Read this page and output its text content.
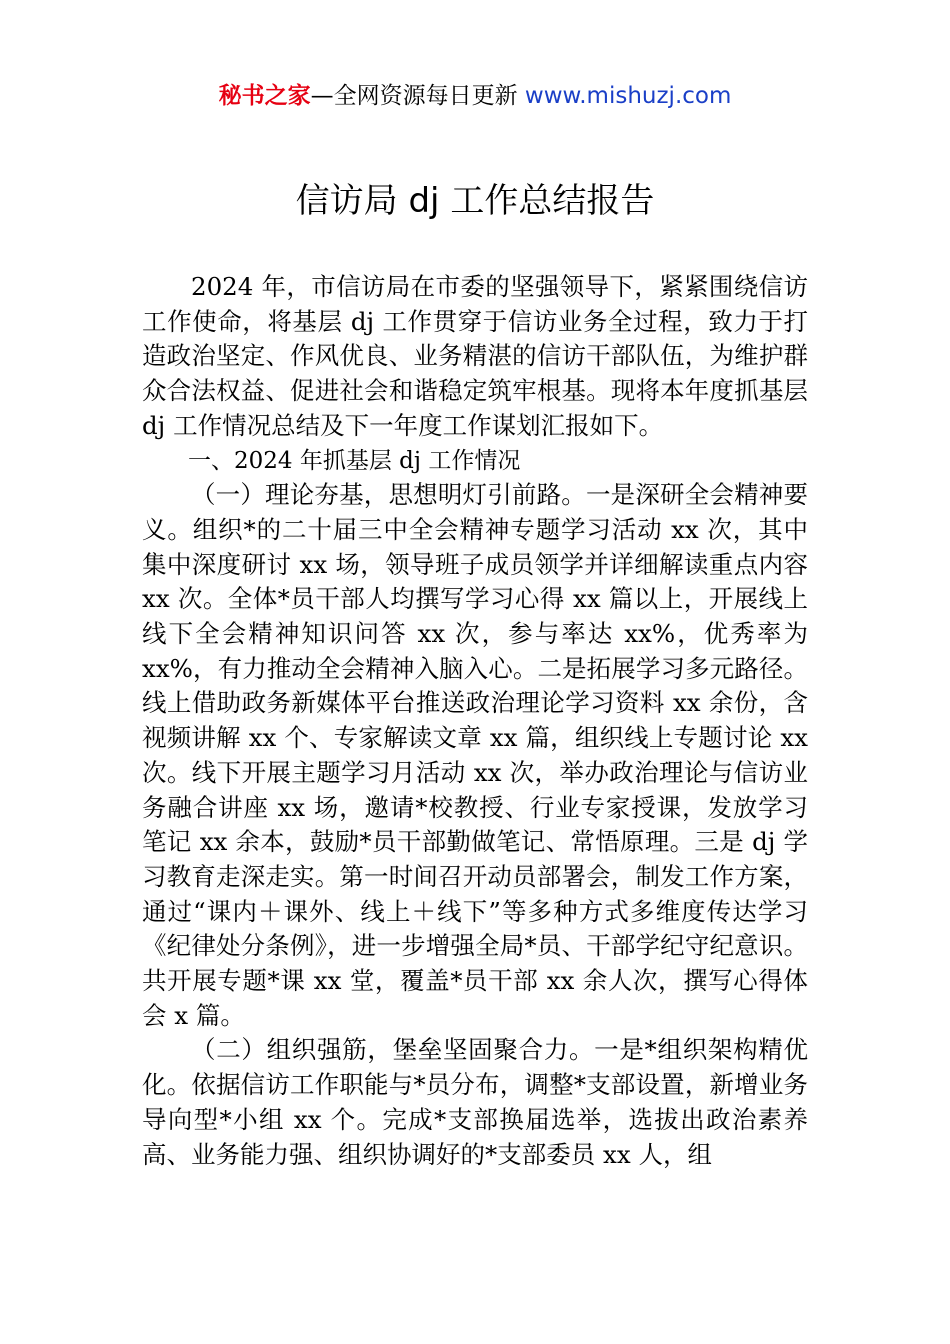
秘书之家—全网资源每日更新 www.mishuzj.com
信访局 dj 工作总结报告

2024 年，市信访局在市委的坚强领导下，紧紧围绕信访工作使命，将基层 dj 工作贯穿于信访业务全过程，致力于打造政治坚定、作风优良、业务精湛的信访干部队伍，为维护群众合法权益、促进社会和谐稳定筑牢根基。现将本年度抓基层 dj 工作情况总结及下一年度工作谋划汇报如下。

一、2024 年抓基层 dj 工作情况

（一）理论夯基，思想明灯引前路。一是深研全会精神要义。组织*的二十届三中全会精神专题学习活动 xx 次，其中集中深度研讨 xx 场，领导班子成员领学并详细解读重点内容 xx 次。全体*员干部人均撰写学习心得 xx 篇以上，开展线上线下全会精神知识问答 xx 次，参与率达 xx%，优秀率为 xx%，有力推动全会精神入脑入心。二是拓展学习多元路径。线上借助政务新媒体平台推送政治理论学习资料 xx 余份，含视频讲解 xx 个、专家解读文章 xx 篇，组织线上专题讨论 xx 次。线下开展主题学习月活动 xx 次，举办政治理论与信访业务融合讲座 xx 场，邀请*校教授、行业专家授课，发放学习笔记 xx 余本，鼓励*员干部勤做笔记、常悟原理。三是 dj 学习教育走深走实。第一时间召开动员部署会，制发工作方案，通过“课内＋课外、线上＋线下”等多种方式多维度传达学习《纪律处分条例》，进一步增强全局*员、干部学纪守纪意识。共开展专题*课 xx 堂，覆盖*员干部 xx 余人次，撰写心得体会 x 篇。

（二）组织强筋，堡垒坚固聚合力。一是*组织架构精优化。依据信访工作职能与*员分布，调整*支部设置，新增业务导向型*小组 xx 个。完成*支部换届选举，选拔出政治素养高、业务能力强、组织协调好的*支部委员 xx 人，组
